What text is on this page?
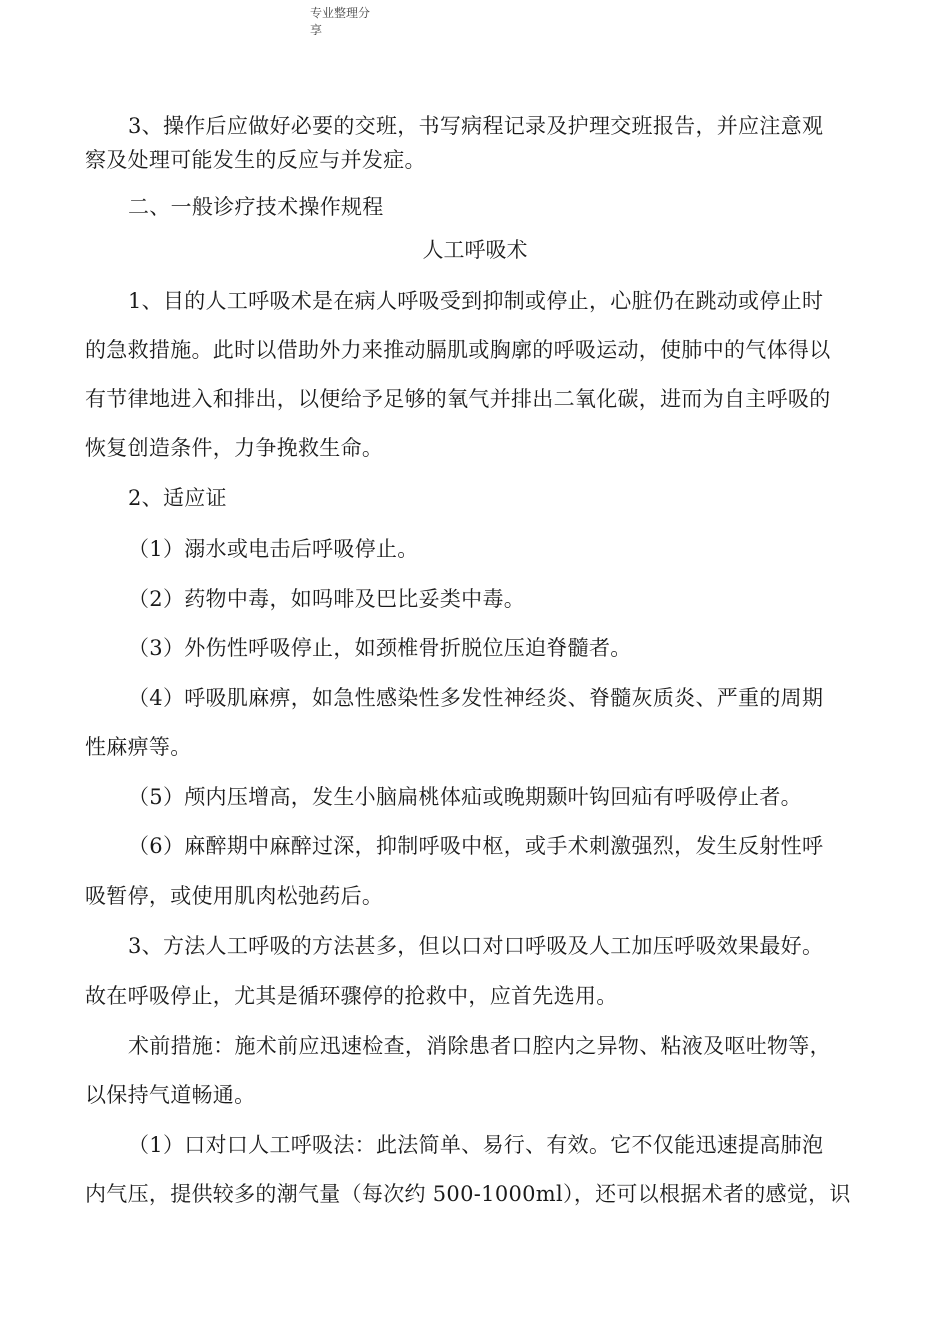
专业整理分
享
3、操作后应做好必要的交班，书写病程记录及护理交班报告，并应注意观
察及处理可能发生的反应与并发症。
二、一般诊疗技术操作规程
人工呼吸术
1、目的人工呼吸术是在病人呼吸受到抑制或停止，心脏仍在跳动或停止时
的急救措施。此时以借助外力来推动膈肌或胸廓的呼吸运动，使肺中的气体得以
有节律地进入和排出，以便给予足够的氧气并排出二氧化碳，进而为自主呼吸的
恢复创造条件，力争挽救生命。
2、适应证
（1）溺水或电击后呼吸停止。
（2）药物中毒，如吗啡及巴比妥类中毒。
（3）外伤性呼吸停止，如颈椎骨折脱位压迫脊髓者。
（4）呼吸肌麻痹，如急性感染性多发性神经炎、脊髓灰质炎、严重的周期
性麻痹等。
（5）颅内压增高，发生小脑扁桃体疝或晚期颞叶钩回疝有呼吸停止者。
（6）麻醉期中麻醉过深，抑制呼吸中枢，或手术刺激强烈，发生反射性呼
吸暂停，或使用肌肉松弛药后。
3、方法人工呼吸的方法甚多，但以口对口呼吸及人工加压呼吸效果最好。
故在呼吸停止，尤其是循环骤停的抢救中，应首先选用。
术前措施：施术前应迅速检查，消除患者口腔内之异物、粘液及呕吐物等，
以保持气道畅通。
（1）口对口人工呼吸法：此法简单、易行、有效。它不仅能迅速提高肺泡
内气压，提供较多的潮气量（每次约 500-1000ml），还可以根据术者的感觉，识
